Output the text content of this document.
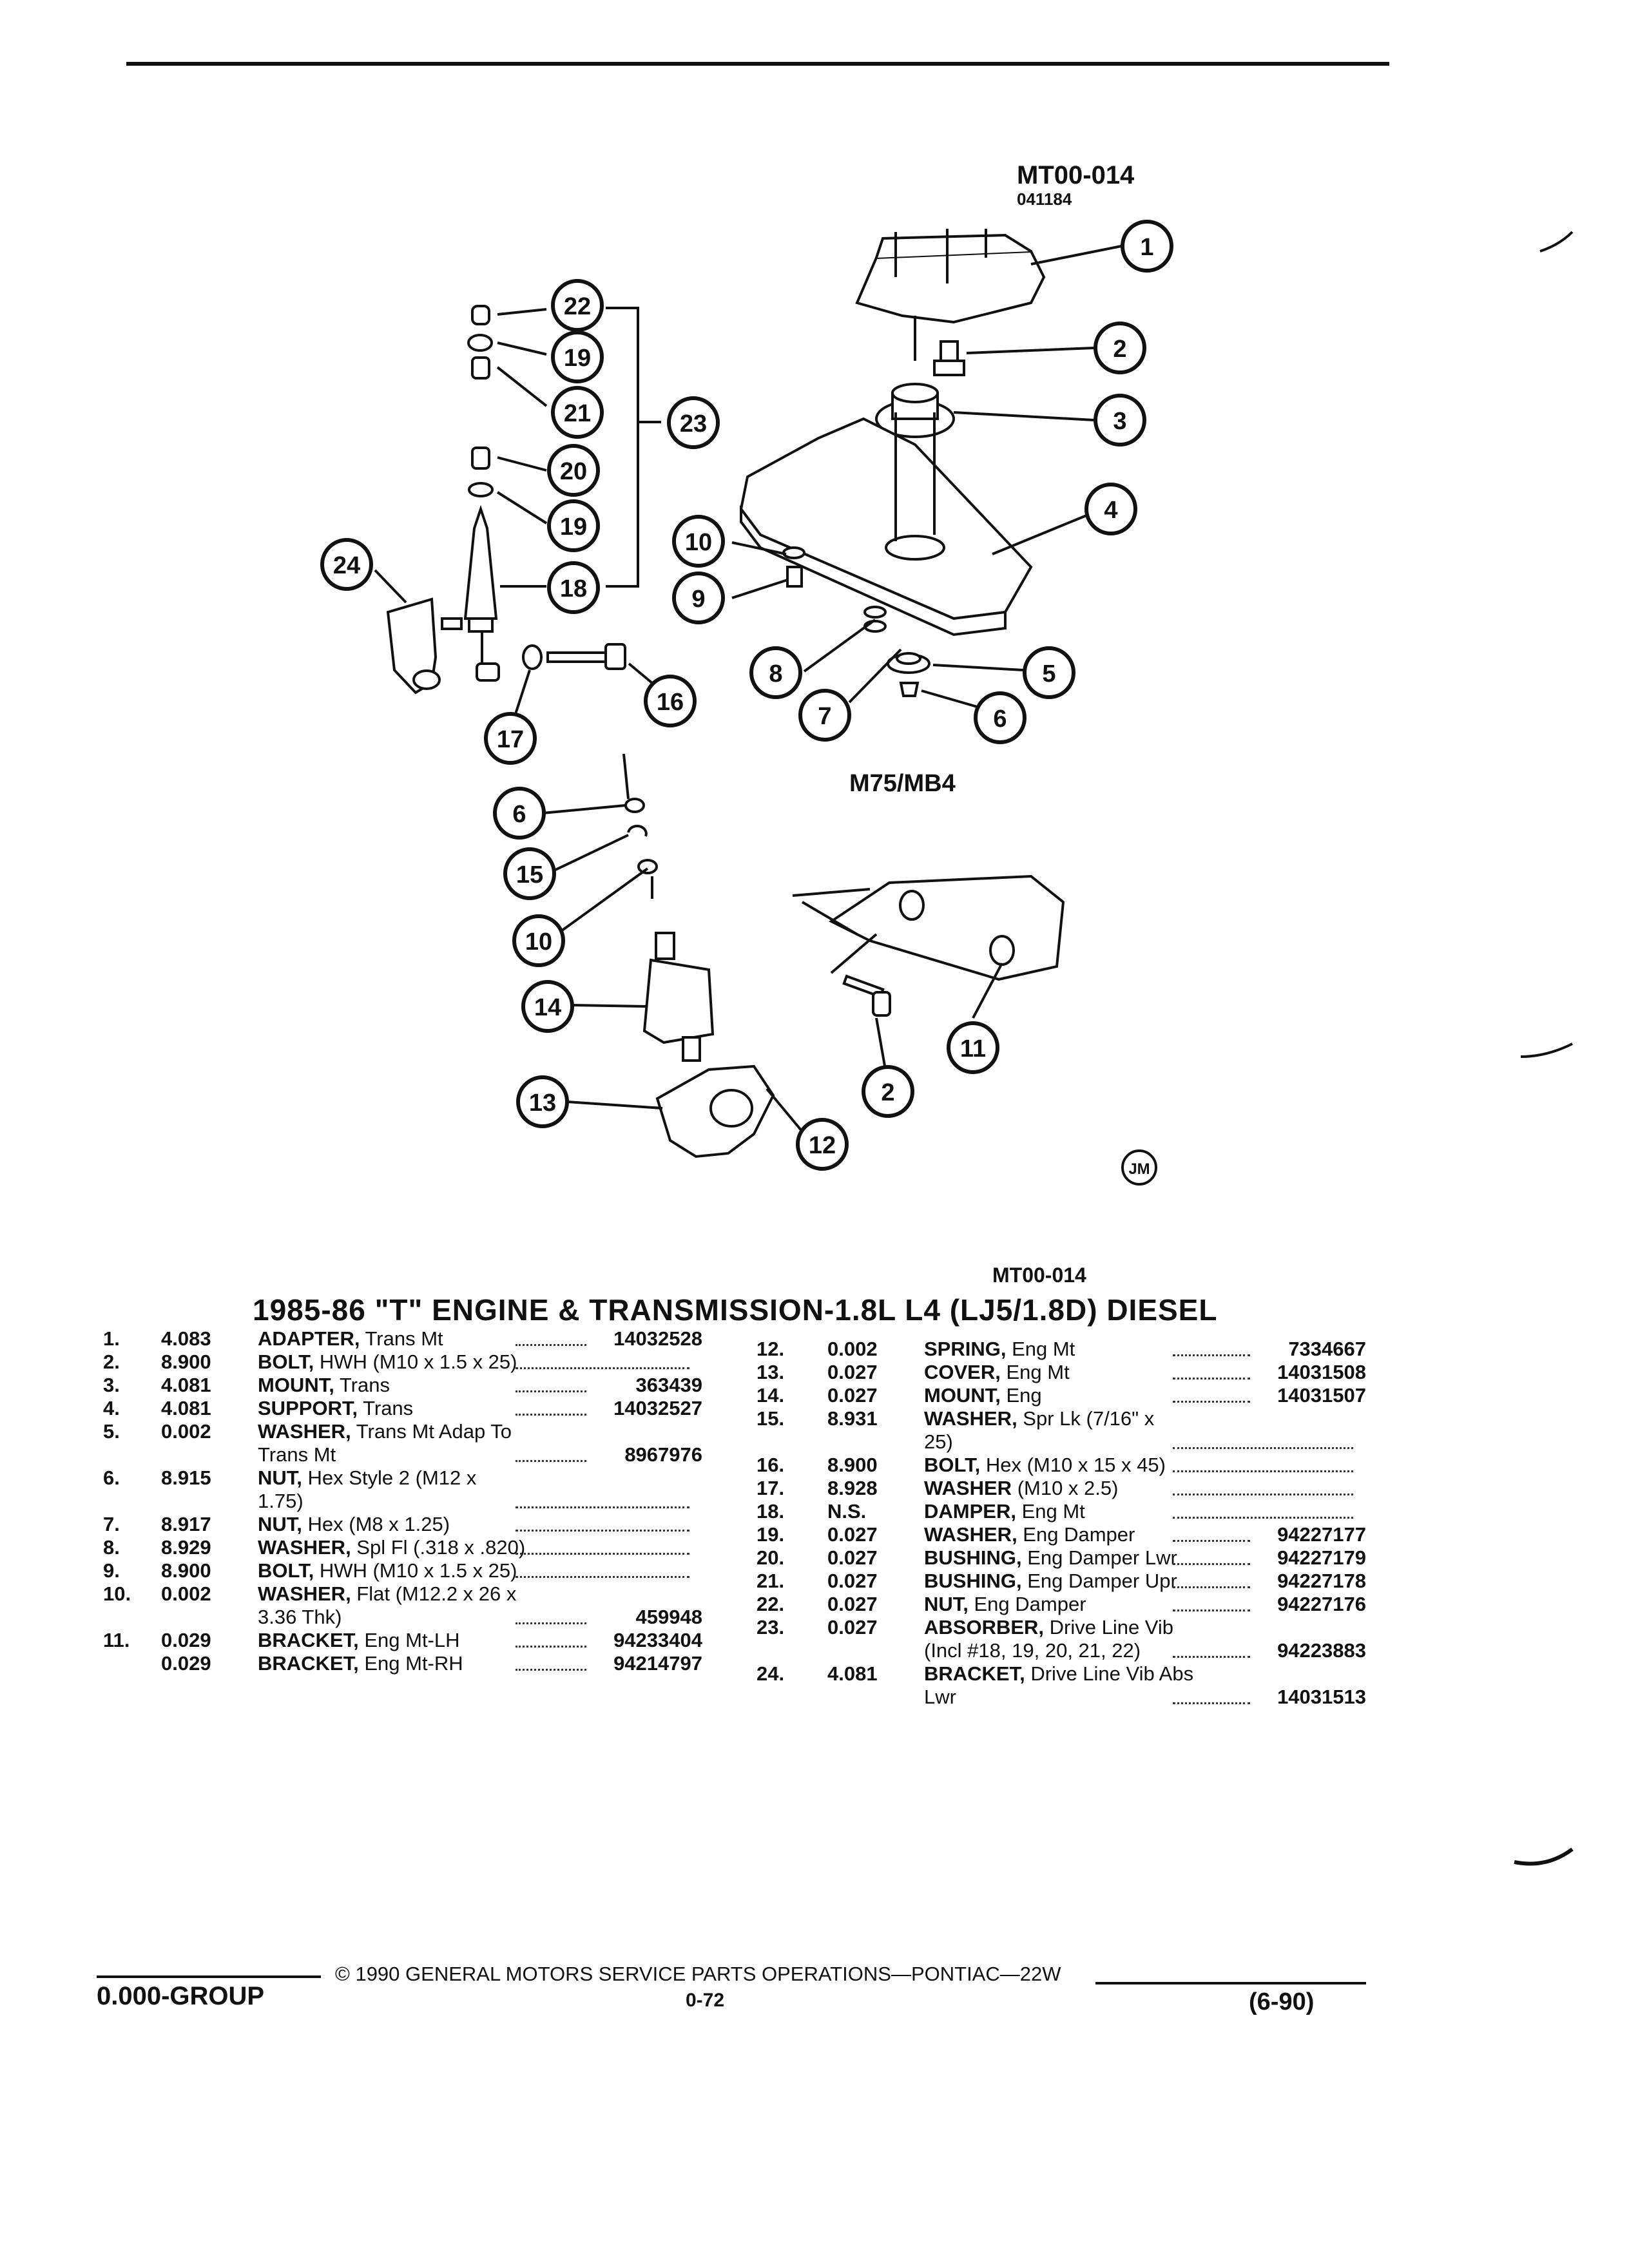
MT00-014
041184
M75/MB4
JM
1
2
3
4
5
6
7
8
9
10
22
19
21	23
20
19
18
24
16
17
6
15
10
14
13
12
2
11
MT00-014
1985-86 "T" ENGINE & TRANSMISSION-1.8L L4 (LJ5/1.8D) DIESEL
1. 4.083 ADAPTER, Trans Mt	14032528
2. 8.900 BOLT, HWH (M10 x 1.5 x 25)
3. 4.081 MOUNT, Trans	363439
4. 4.081 SUPPORT, Trans	14032527
5. 0.002 WASHER, Trans Mt Adap To
Trans Mt	8967976
6. 8.915 NUT, Hex Style 2 (M12 x
1.75)
7. 8.917 NUT, Hex (M8 x 1.25)
8. 8.929 WASHER, Spl Fl (.318 x .820)
9. 8.900 BOLT, HWH (M10 x 1.5 x 25)
10. 0.002 WASHER, Flat (M12.2 x 26 x
3.36 Thk)	459948
11. 0.029 BRACKET, Eng Mt-LH	94233404
0.029 BRACKET, Eng Mt-RH	94214797
12. 0.002 SPRING, Eng Mt	7334667
13. 0.027 COVER, Eng Mt	14031508
14. 0.027 MOUNT, Eng	14031507
15. 8.931 WASHER, Spr Lk (7/16" x
25)
16. 8.900 BOLT, Hex (M10 x 15 x 45)
17. 8.928 WASHER (M10 x 2.5)
18. N.S.	DAMPER, Eng Mt
19. 0.027 WASHER, Eng Damper	94227177
20. 0.027 BUSHING, Eng Damper Lwr	94227179
21. 0.027 BUSHING, Eng Damper Upr	94227178
22. 0.027 NUT, Eng Damper	94227176
23. 0.027 ABSORBER, Drive Line Vib
(Incl #18, 19, 20, 21, 22)	94223883
24. 4.081 BRACKET, Drive Line Vib Abs
Lwr	14031513
0.000-GROUP
© 1990 GENERAL MOTORS SERVICE PARTS OPERATIONS—PONTIAC—22W
0-72	(6-90)
